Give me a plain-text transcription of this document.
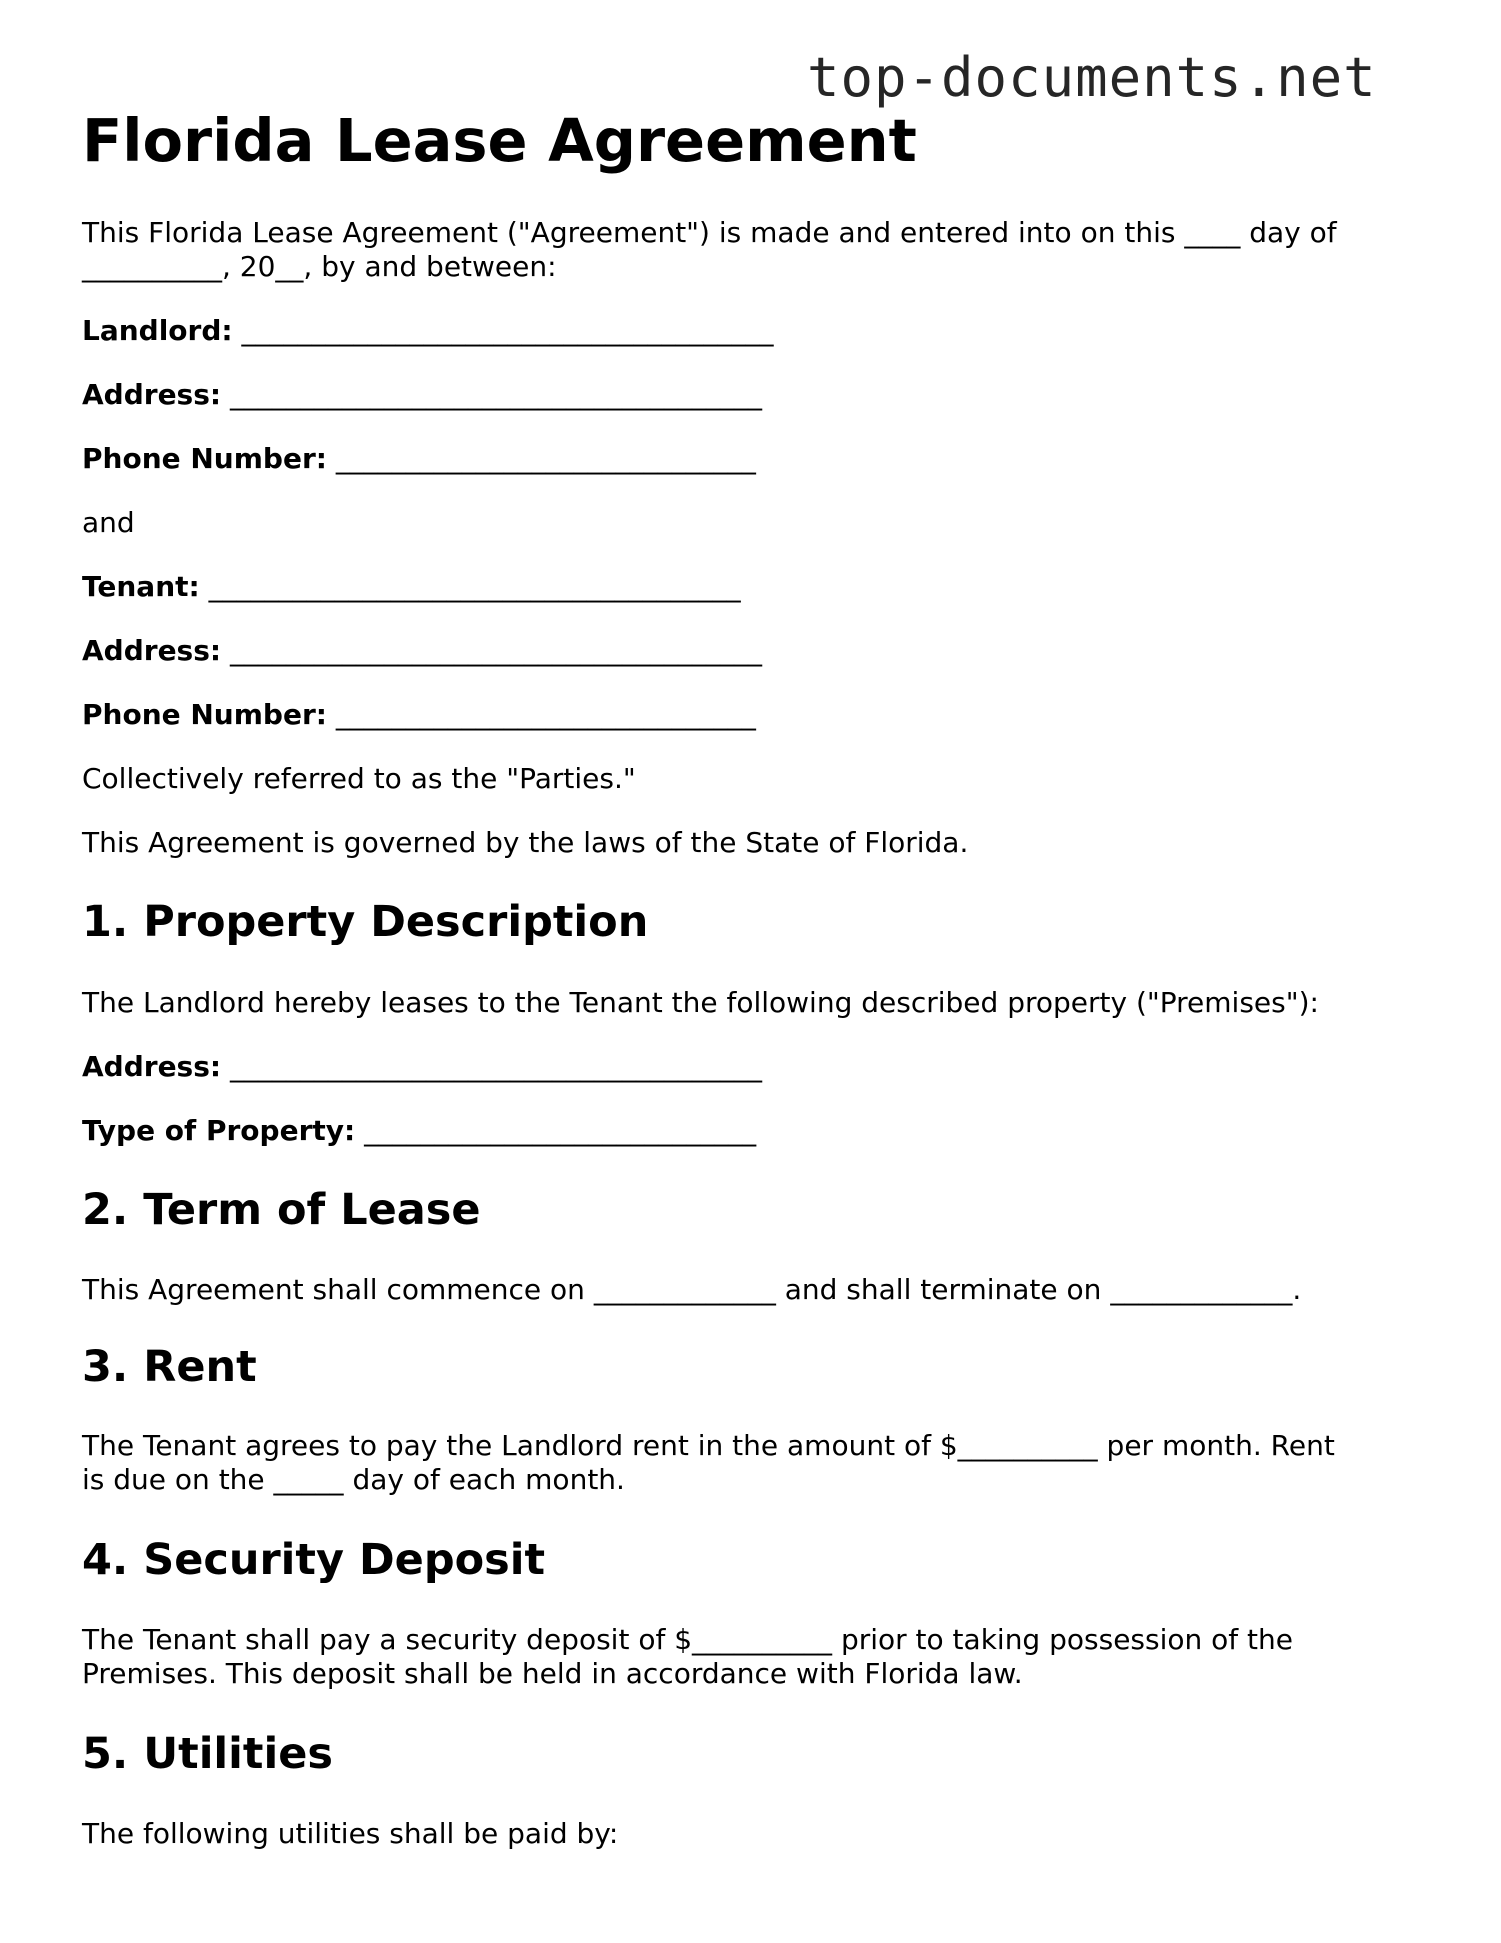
top-documents.net
Florida Lease Agreement
This Florida Lease Agreement ("Agreement") is made and entered into on this ____ day of
__________, 20__, by and between:
Landlord: ______________________________________
Address: ______________________________________
Phone Number: ______________________________
and
Tenant: ______________________________________
Address: ______________________________________
Phone Number: ______________________________
Collectively referred to as the "Parties."
This Agreement is governed by the laws of the State of Florida.
1. Property Description
The Landlord hereby leases to the Tenant the following described property ("Premises"):
Address: ______________________________________
Type of Property: ____________________________
2. Term of Lease
This Agreement shall commence on _____________ and shall terminate on _____________.
3. Rent
The Tenant agrees to pay the Landlord rent in the amount of $__________ per month. Rent
is due on the _____ day of each month.
4. Security Deposit
The Tenant shall pay a security deposit of $__________ prior to taking possession of the
Premises. This deposit shall be held in accordance with Florida law.
5. Utilities
The following utilities shall be paid by:
